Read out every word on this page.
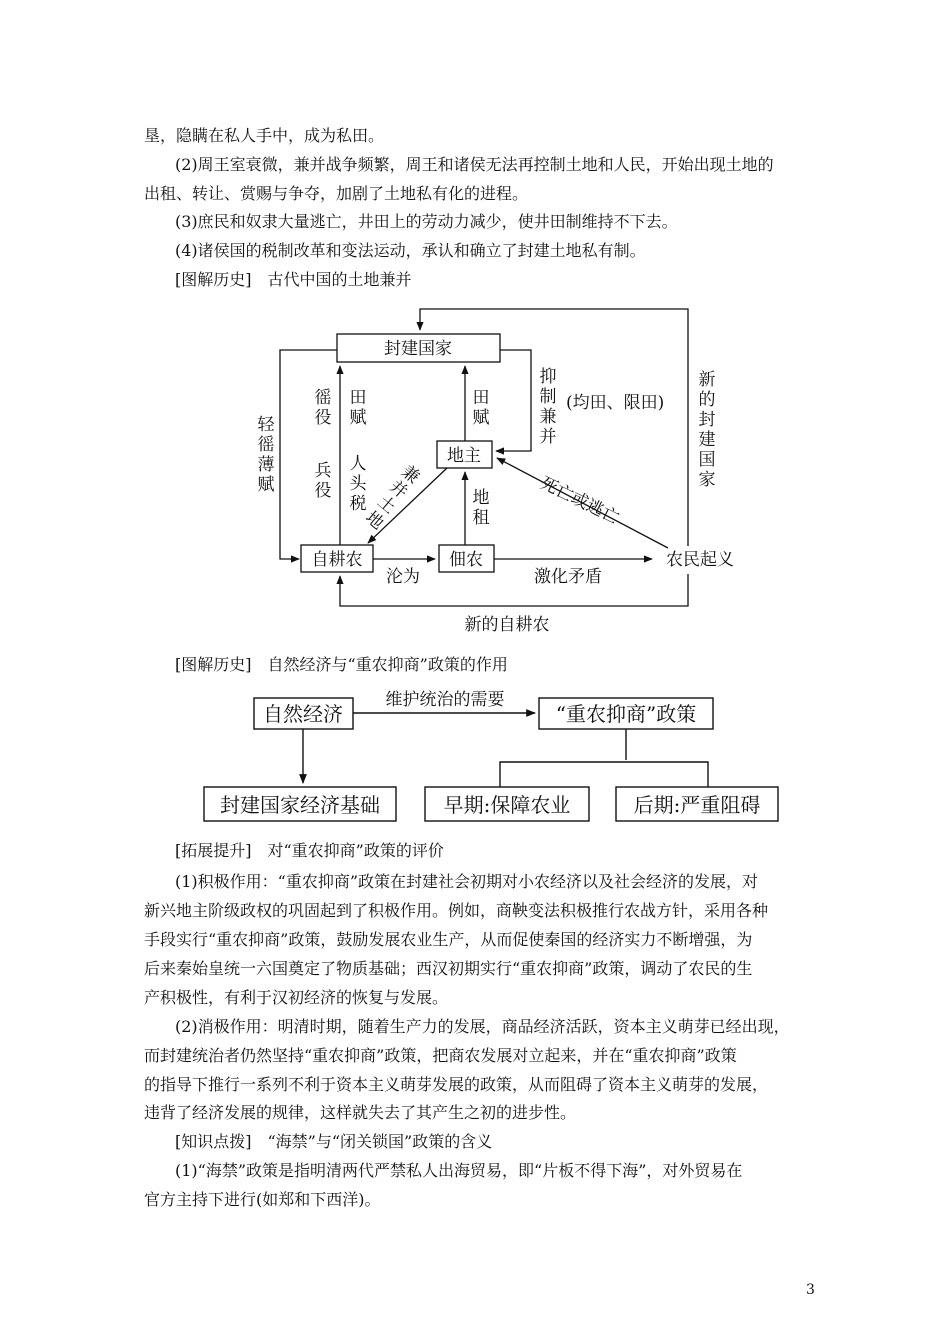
垦，隐瞒在私人手中，成为私田。
(2)周王室衰微，兼并战争频繁，周王和诸侯无法再控制土地和人民，开始出现土地的
出租、转让、赏赐与争夺，加剧了土地私有化的进程。
(3)庶民和奴隶大量逃亡，井田上的劳动力减少，使井田制维持不下去。
(4)诸侯国的税制改革和变法运动，承认和确立了封建土地私有制。
[图解历史]　古代中国的土地兼并
封建国家
地主
自耕农	佃农	农民起义
轻
徭
薄
赋
徭
役
兵
役
田
赋
人
头
税
田
赋
地
租
抑
制
兼
并
(均田、限田)
新
的
封
建
国
家
兼
并
土
地	死亡或逃亡
沦为	激化矛盾
新的自耕农
自然经济	“重农抑商”政策
封建国家经济基础	早期:保障农业	后期:严重阻碍
维护统治的需要
[图解历史]　自然经济与“重农抑商”政策的作用
[拓展提升]　对“重农抑商”政策的评价
(1)积极作用：“重农抑商”政策在封建社会初期对小农经济以及社会经济的发展，对
新兴地主阶级政权的巩固起到了积极作用。例如，商鞅变法积极推行农战方针，采用各种
手段实行“重农抑商”政策，鼓励发展农业生产，从而促使秦国的经济实力不断增强，为
后来秦始皇统一六国奠定了物质基础；西汉初期实行“重农抑商”政策，调动了农民的生
产积极性，有利于汉初经济的恢复与发展。
(2)消极作用：明清时期，随着生产力的发展，商品经济活跃，资本主义萌芽已经出现，
而封建统治者仍然坚持“重农抑商”政策，把商农发展对立起来，并在“重农抑商”政策
的指导下推行一系列不利于资本主义萌芽发展的政策，从而阻碍了资本主义萌芽的发展，
违背了经济发展的规律，这样就失去了其产生之初的进步性。
[知识点拨]　“海禁”与“闭关锁国”政策的含义
(1)“海禁”政策是指明清两代严禁私人出海贸易，即“片板不得下海”，对外贸易在
官方主持下进行(如郑和下西洋)。
3
